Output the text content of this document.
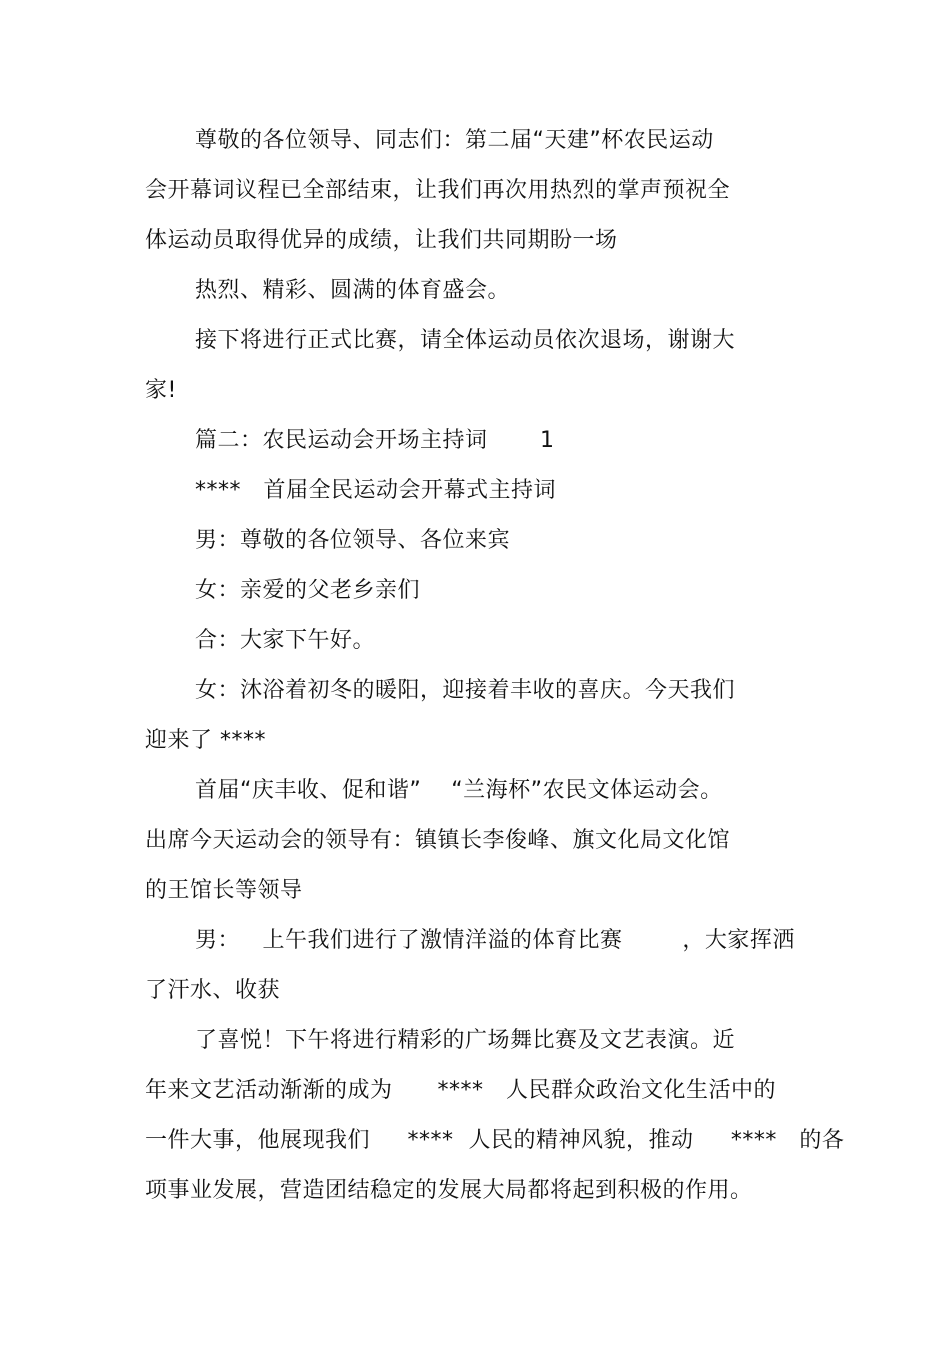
尊敬的各位领导、同志们：第二届“天建”杯农民运动
会开幕词议程已全部结束，让我们再次用热烈的掌声预祝全
体运动员取得优异的成绩，让我们共同期盼一场
热烈、精彩、圆满的体育盛会。
接下将进行正式比赛，请全体运动员依次退场，谢谢大
家!
篇二：农民运动会开场主持词       1
****   首届全民运动会开幕式主持词
男：尊敬的各位领导、各位来宾
女：亲爱的父老乡亲们
合：大家下午好。
女：沐浴着初冬的暖阳，迎接着丰收的喜庆。今天我们
迎来了 ****
首届“庆丰收、促和谐”    “兰海杯”农民文体运动会。
出席今天运动会的领导有：镇镇长李俊峰、旗文化局文化馆
的王馆长等领导
男：   上午我们进行了激情洋溢的体育比赛        ，大家挥洒
了汗水、收获
了喜悦！下午将进行精彩的广场舞比赛及文艺表演。近
年来文艺活动渐渐的成为      ****   人民群众政治文化生活中的
一件大事，他展现我们     ****  人民的精神风貌，推动     ****   的各
项事业发展，营造团结稳定的发展大局都将起到积极的作用。
